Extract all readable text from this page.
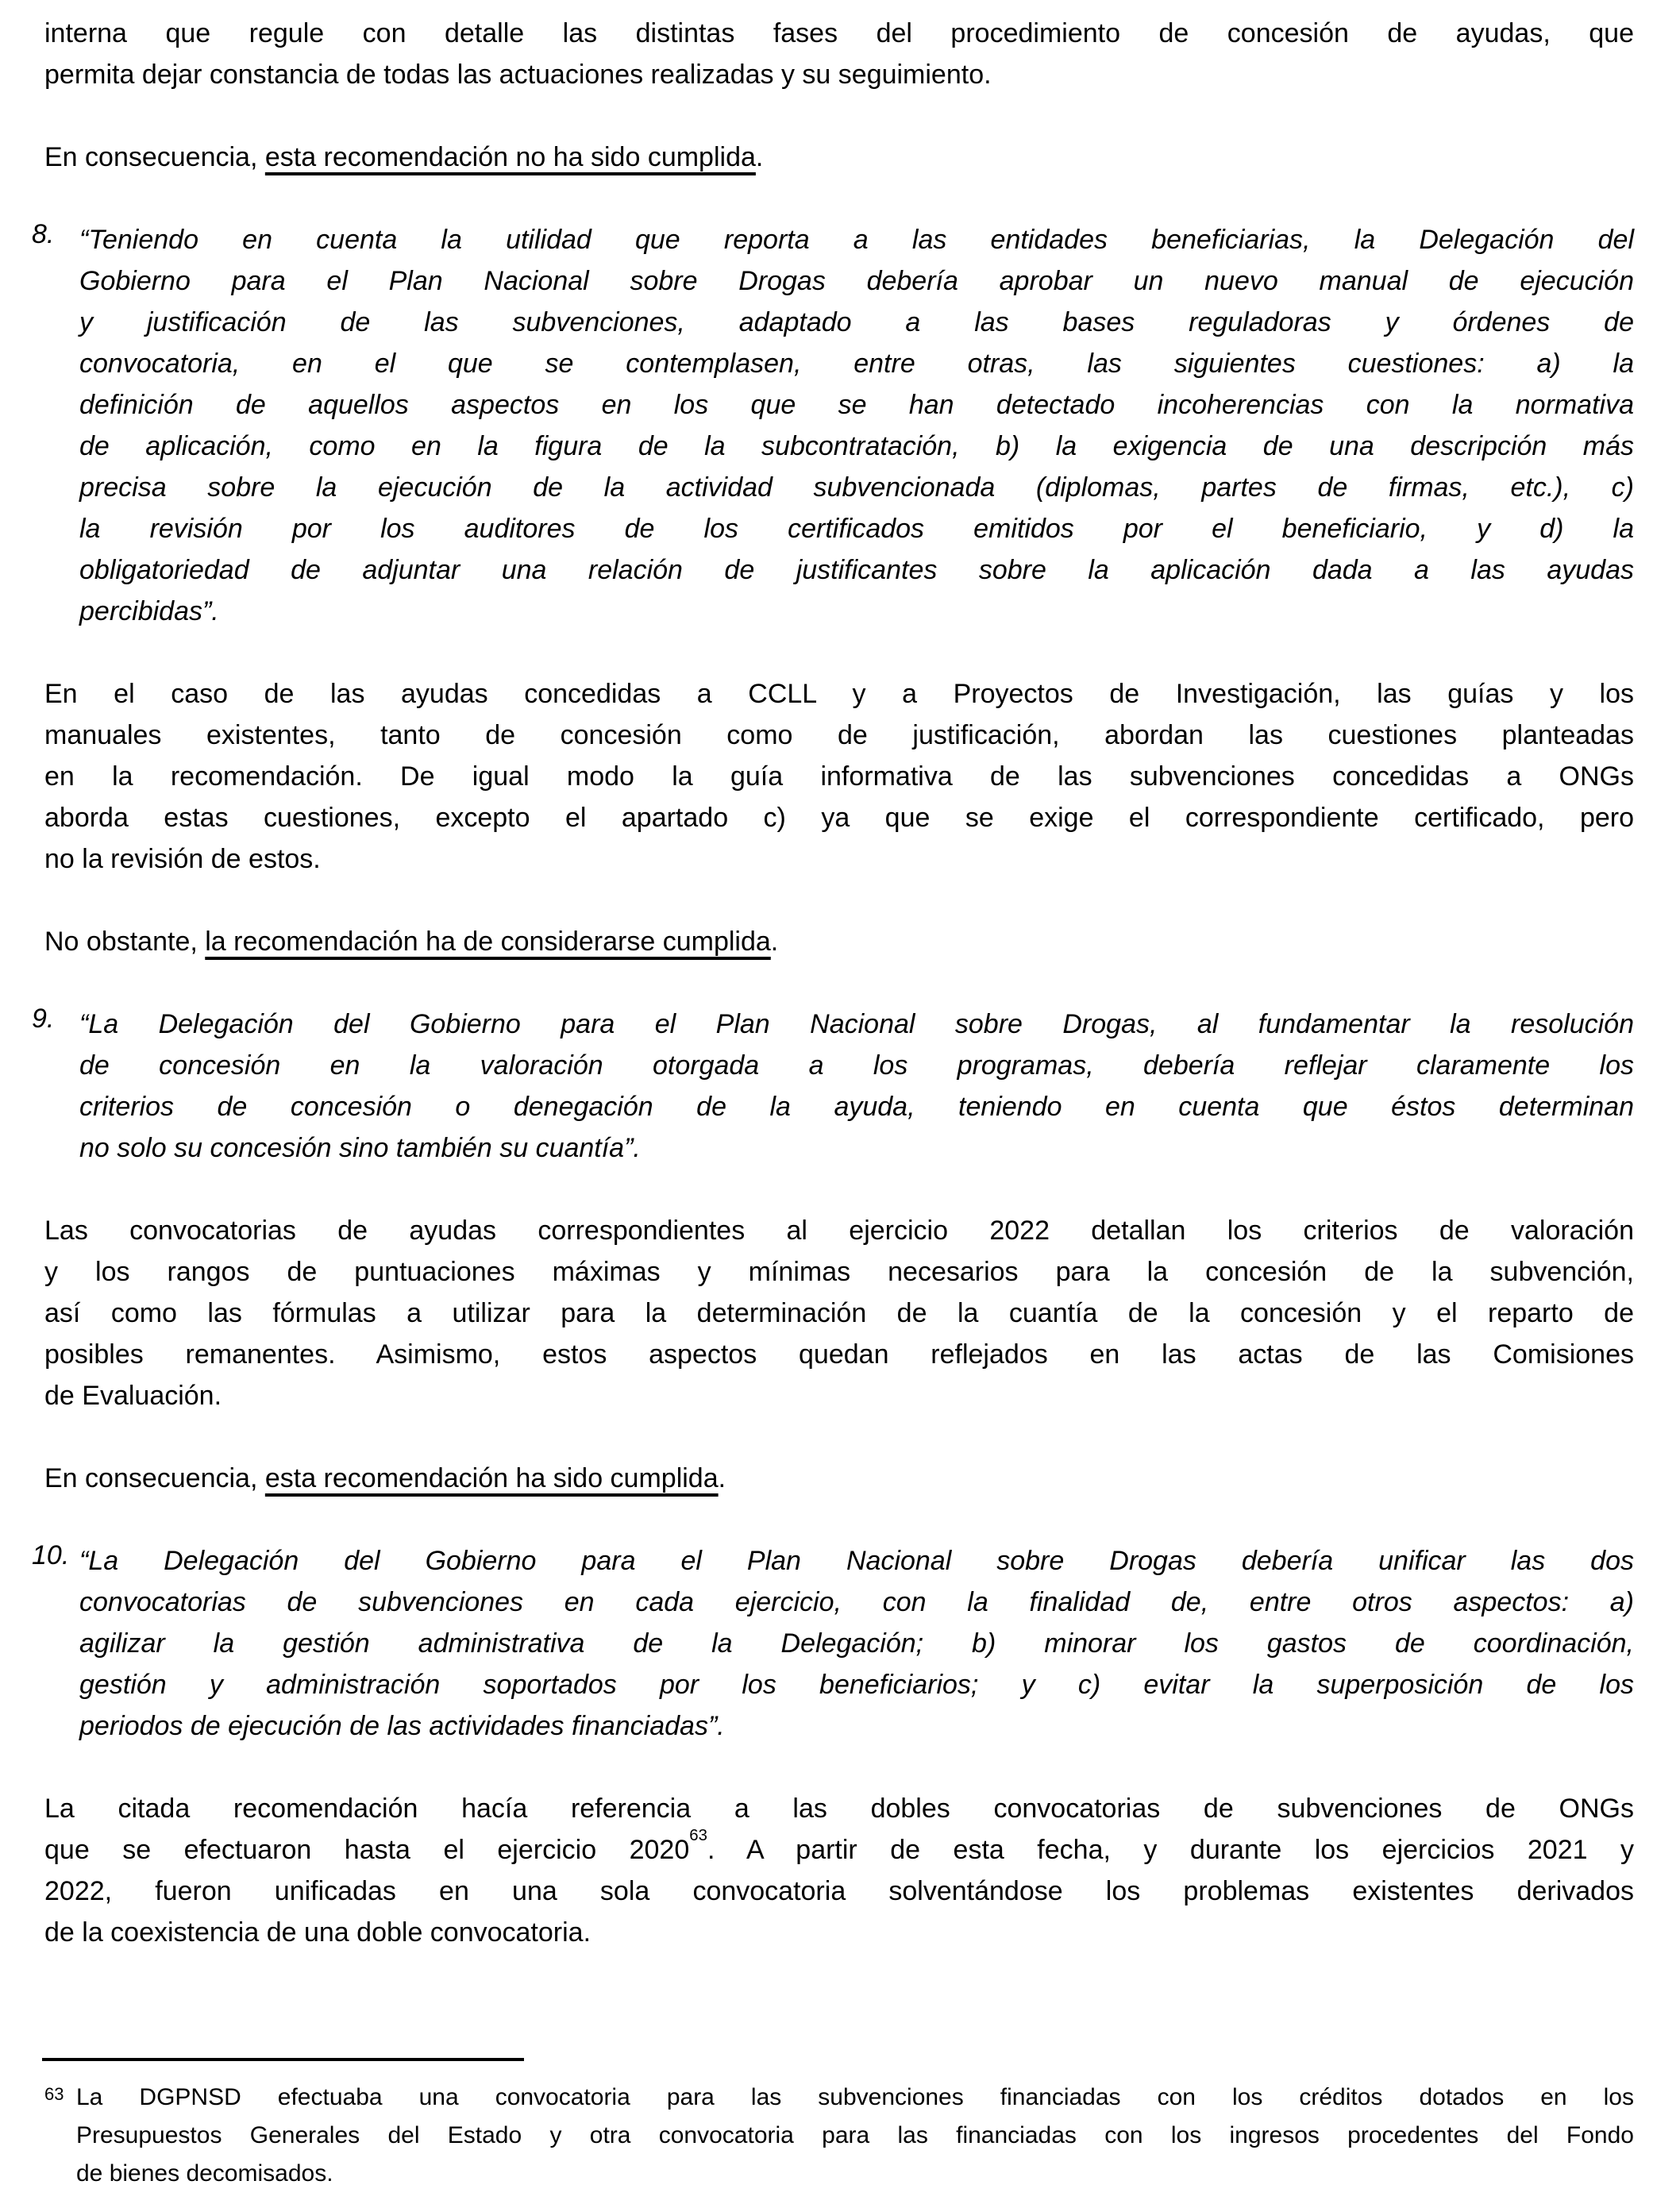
interna que regule con detalle las distintas fases del procedimiento de concesión de ayudas, que
permita dejar constancia de todas las actuaciones realizadas y su seguimiento.
En consecuencia, esta recomendación no ha sido cumplida.
8. “Teniendo en cuenta la utilidad que reporta a las entidades beneficiarias, la Delegación del
Gobierno para el Plan Nacional sobre Drogas debería aprobar un nuevo manual de ejecución
y justificación de las subvenciones, adaptado a las bases reguladoras y órdenes de
convocatoria, en el que se contemplasen, entre otras, las siguientes cuestiones: a) la
definición de aquellos aspectos en los que se han detectado incoherencias con la normativa
de aplicación, como en la figura de la subcontratación, b) la exigencia de una descripción más
precisa sobre la ejecución de la actividad subvencionada (diplomas, partes de firmas, etc.), c)
la revisión por los auditores de los certificados emitidos por el beneficiario, y d) la
obligatoriedad de adjuntar una relación de justificantes sobre la aplicación dada a las ayudas
percibidas”.
En el caso de las ayudas concedidas a CCLL y a Proyectos de Investigación, las guías y los
manuales existentes, tanto de concesión como de justificación, abordan las cuestiones planteadas
en la recomendación. De igual modo la guía informativa de las subvenciones concedidas a ONGs
aborda estas cuestiones, excepto el apartado c) ya que se exige el correspondiente certificado, pero
no la revisión de estos.
No obstante, la recomendación ha de considerarse cumplida.
9. “La Delegación del Gobierno para el Plan Nacional sobre Drogas, al fundamentar la resolución
de concesión en la valoración otorgada a los programas, debería reflejar claramente los
criterios de concesión o denegación de la ayuda, teniendo en cuenta que éstos determinan
no solo su concesión sino también su cuantía”.
Las convocatorias de ayudas correspondientes al ejercicio 2022 detallan los criterios de valoración
y los rangos de puntuaciones máximas y mínimas necesarios para la concesión de la subvención,
así como las fórmulas a utilizar para la determinación de la cuantía de la concesión y el reparto de
posibles remanentes. Asimismo, estos aspectos quedan reflejados en las actas de las Comisiones
de Evaluación.
En consecuencia, esta recomendación ha sido cumplida.
10. “La Delegación del Gobierno para el Plan Nacional sobre Drogas debería unificar las dos
convocatorias de subvenciones en cada ejercicio, con la finalidad de, entre otros aspectos: a)
agilizar la gestión administrativa de la Delegación; b) minorar los gastos de coordinación,
gestión y administración soportados por los beneficiarios; y c) evitar la superposición de los
periodos de ejecución de las actividades financiadas”.
La citada recomendación hacía referencia a las dobles convocatorias de subvenciones de ONGs
que se efectuaron hasta el ejercicio 2020$^{63}$. A partir de esta fecha, y durante los ejercicios 2021 y
2022, fueron unificadas en una sola convocatoria solventándose los problemas existentes derivados
de la coexistencia de una doble convocatoria.
63 La DGPNSD efectuaba una convocatoria para las subvenciones financiadas con los créditos dotados en los
Presupuestos Generales del Estado y otra convocatoria para las financiadas con los ingresos procedentes del Fondo
de bienes decomisados.
